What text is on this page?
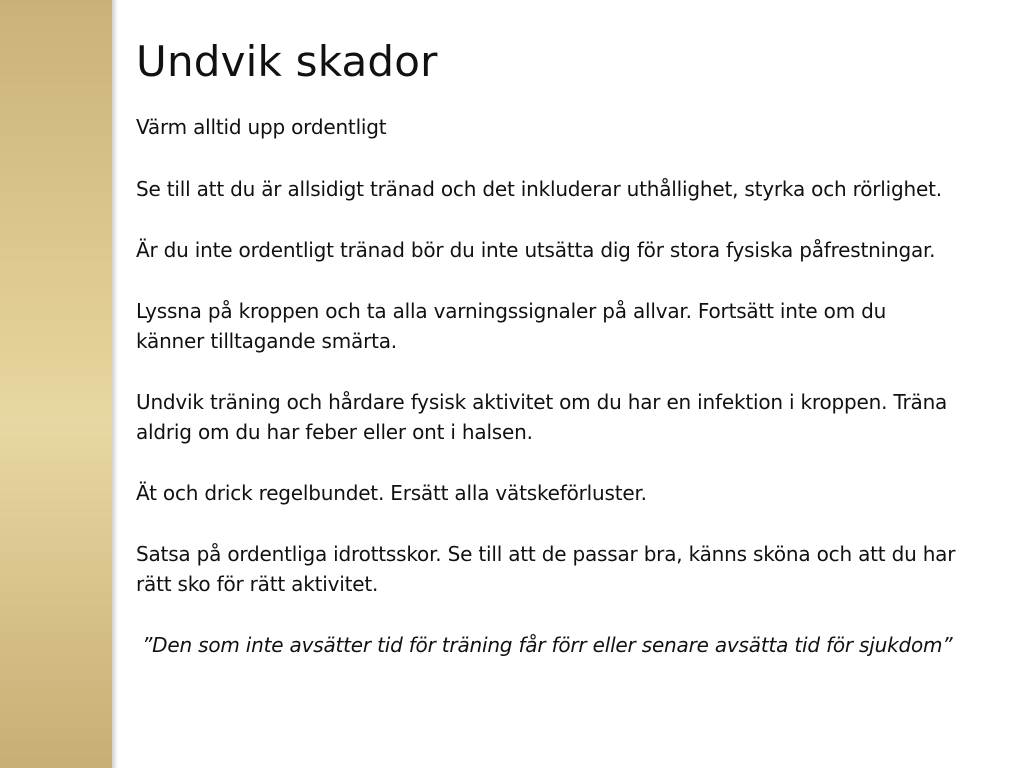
Undvik skador

Värm alltid upp ordentligt

Se till att du är allsidigt tränad och det inkluderar uthållighet, styrka och rörlighet.

Är du inte ordentligt tränad bör du inte utsätta dig för stora fysiska påfrestningar.

Lyssna på kroppen och ta alla varningssignaler på allvar. Fortsätt inte om du känner tilltagande smärta.

Undvik träning och hårdare fysisk aktivitet om du har en infektion i kroppen. Träna aldrig om du har feber eller ont i halsen.

Ät och drick regelbundet. Ersätt alla vätskeförluster.

Satsa på ordentliga idrottsskor. Se till att de passar bra, känns sköna och att du har rätt sko för rätt aktivitet.

”Den som inte avsätter tid för träning får förr eller senare avsätta tid för sjukdom”
